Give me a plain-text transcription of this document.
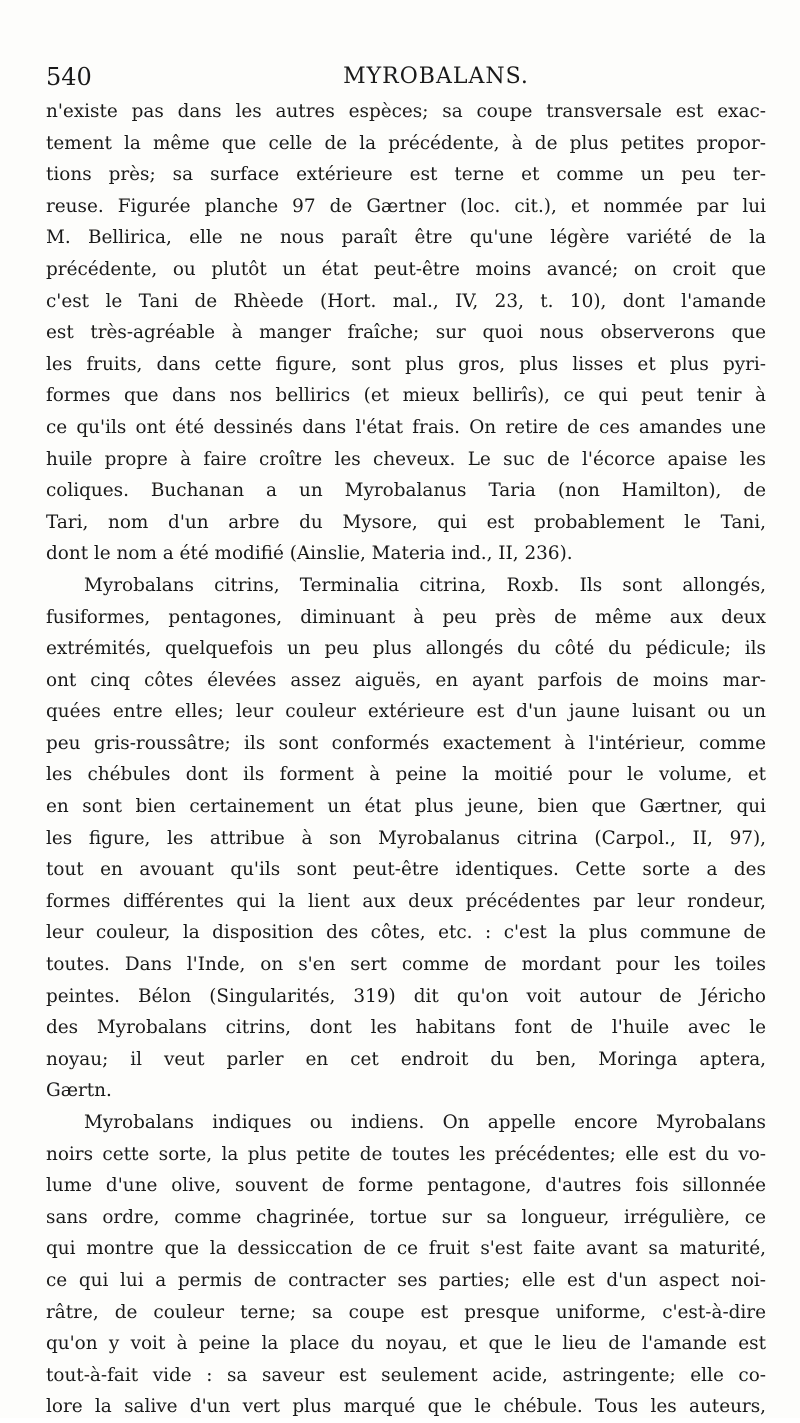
540	MYROBALANS.
n'existe pas dans les autres espèces; sa coupe transversale est exac-
tement la même que celle de la précédente, à de plus petites propor-
tions près; sa surface extérieure est terne et comme un peu ter-
reuse. Figurée planche 97 de Gærtner (loc. cit.), et nommée par lui
M. Bellirica, elle ne nous paraît être qu'une légère variété de la
précédente, ou plutôt un état peut-être moins avancé; on croit que
c'est le Tani de Rhèede (Hort. mal., IV, 23, t. 10), dont l'amande
est très-agréable à manger fraîche; sur quoi nous observerons que
les fruits, dans cette figure, sont plus gros, plus lisses et plus pyri-
formes que dans nos bellirics (et mieux bellirîs), ce qui peut tenir à
ce qu'ils ont été dessinés dans l'état frais. On retire de ces amandes une
huile propre à faire croître les cheveux. Le suc de l'écorce apaise les
coliques. Buchanan a un Myrobalanus Taria (non Hamilton), de
Tari, nom d'un arbre du Mysore, qui est probablement le Tani,
dont le nom a été modifié (Ainslie, Materia ind., II, 236).
Myrobalans citrins, Terminalia citrina, Roxb. Ils sont allongés,
fusiformes, pentagones, diminuant à peu près de même aux deux
extrémités, quelquefois un peu plus allongés du côté du pédicule; ils
ont cinq côtes élevées assez aiguës, en ayant parfois de moins mar-
quées entre elles; leur couleur extérieure est d'un jaune luisant ou un
peu gris-roussâtre; ils sont conformés exactement à l'intérieur, comme
les chébules dont ils forment à peine la moitié pour le volume, et
en sont bien certainement un état plus jeune, bien que Gærtner, qui
les figure, les attribue à son Myrobalanus citrina (Carpol., II, 97),
tout en avouant qu'ils sont peut-être identiques. Cette sorte a des
formes différentes qui la lient aux deux précédentes par leur rondeur,
leur couleur, la disposition des côtes, etc. : c'est la plus commune de
toutes. Dans l'Inde, on s'en sert comme de mordant pour les toiles
peintes. Bélon (Singularités, 319) dit qu'on voit autour de Jéricho
des Myrobalans citrins, dont les habitans font de l'huile avec le
noyau; il veut parler en cet endroit du ben, Moringa aptera,
Gærtn.
Myrobalans indiques ou indiens. On appelle encore Myrobalans
noirs cette sorte, la plus petite de toutes les précédentes; elle est du vo-
lume d'une olive, souvent de forme pentagone, d'autres fois sillonnée
sans ordre, comme chagrinée, tortue sur sa longueur, irrégulière, ce
qui montre que la dessiccation de ce fruit s'est faite avant sa maturité,
ce qui lui a permis de contracter ses parties; elle est d'un aspect noi-
râtre, de couleur terne; sa coupe est presque uniforme, c'est-à-dire
qu'on y voit à peine la place du noyau, et que le lieu de l'amande est
tout-à-fait vide : sa saveur est seulement acide, astringente; elle co-
lore la salive d'un vert plus marqué que le chébule. Tous les auteurs,
